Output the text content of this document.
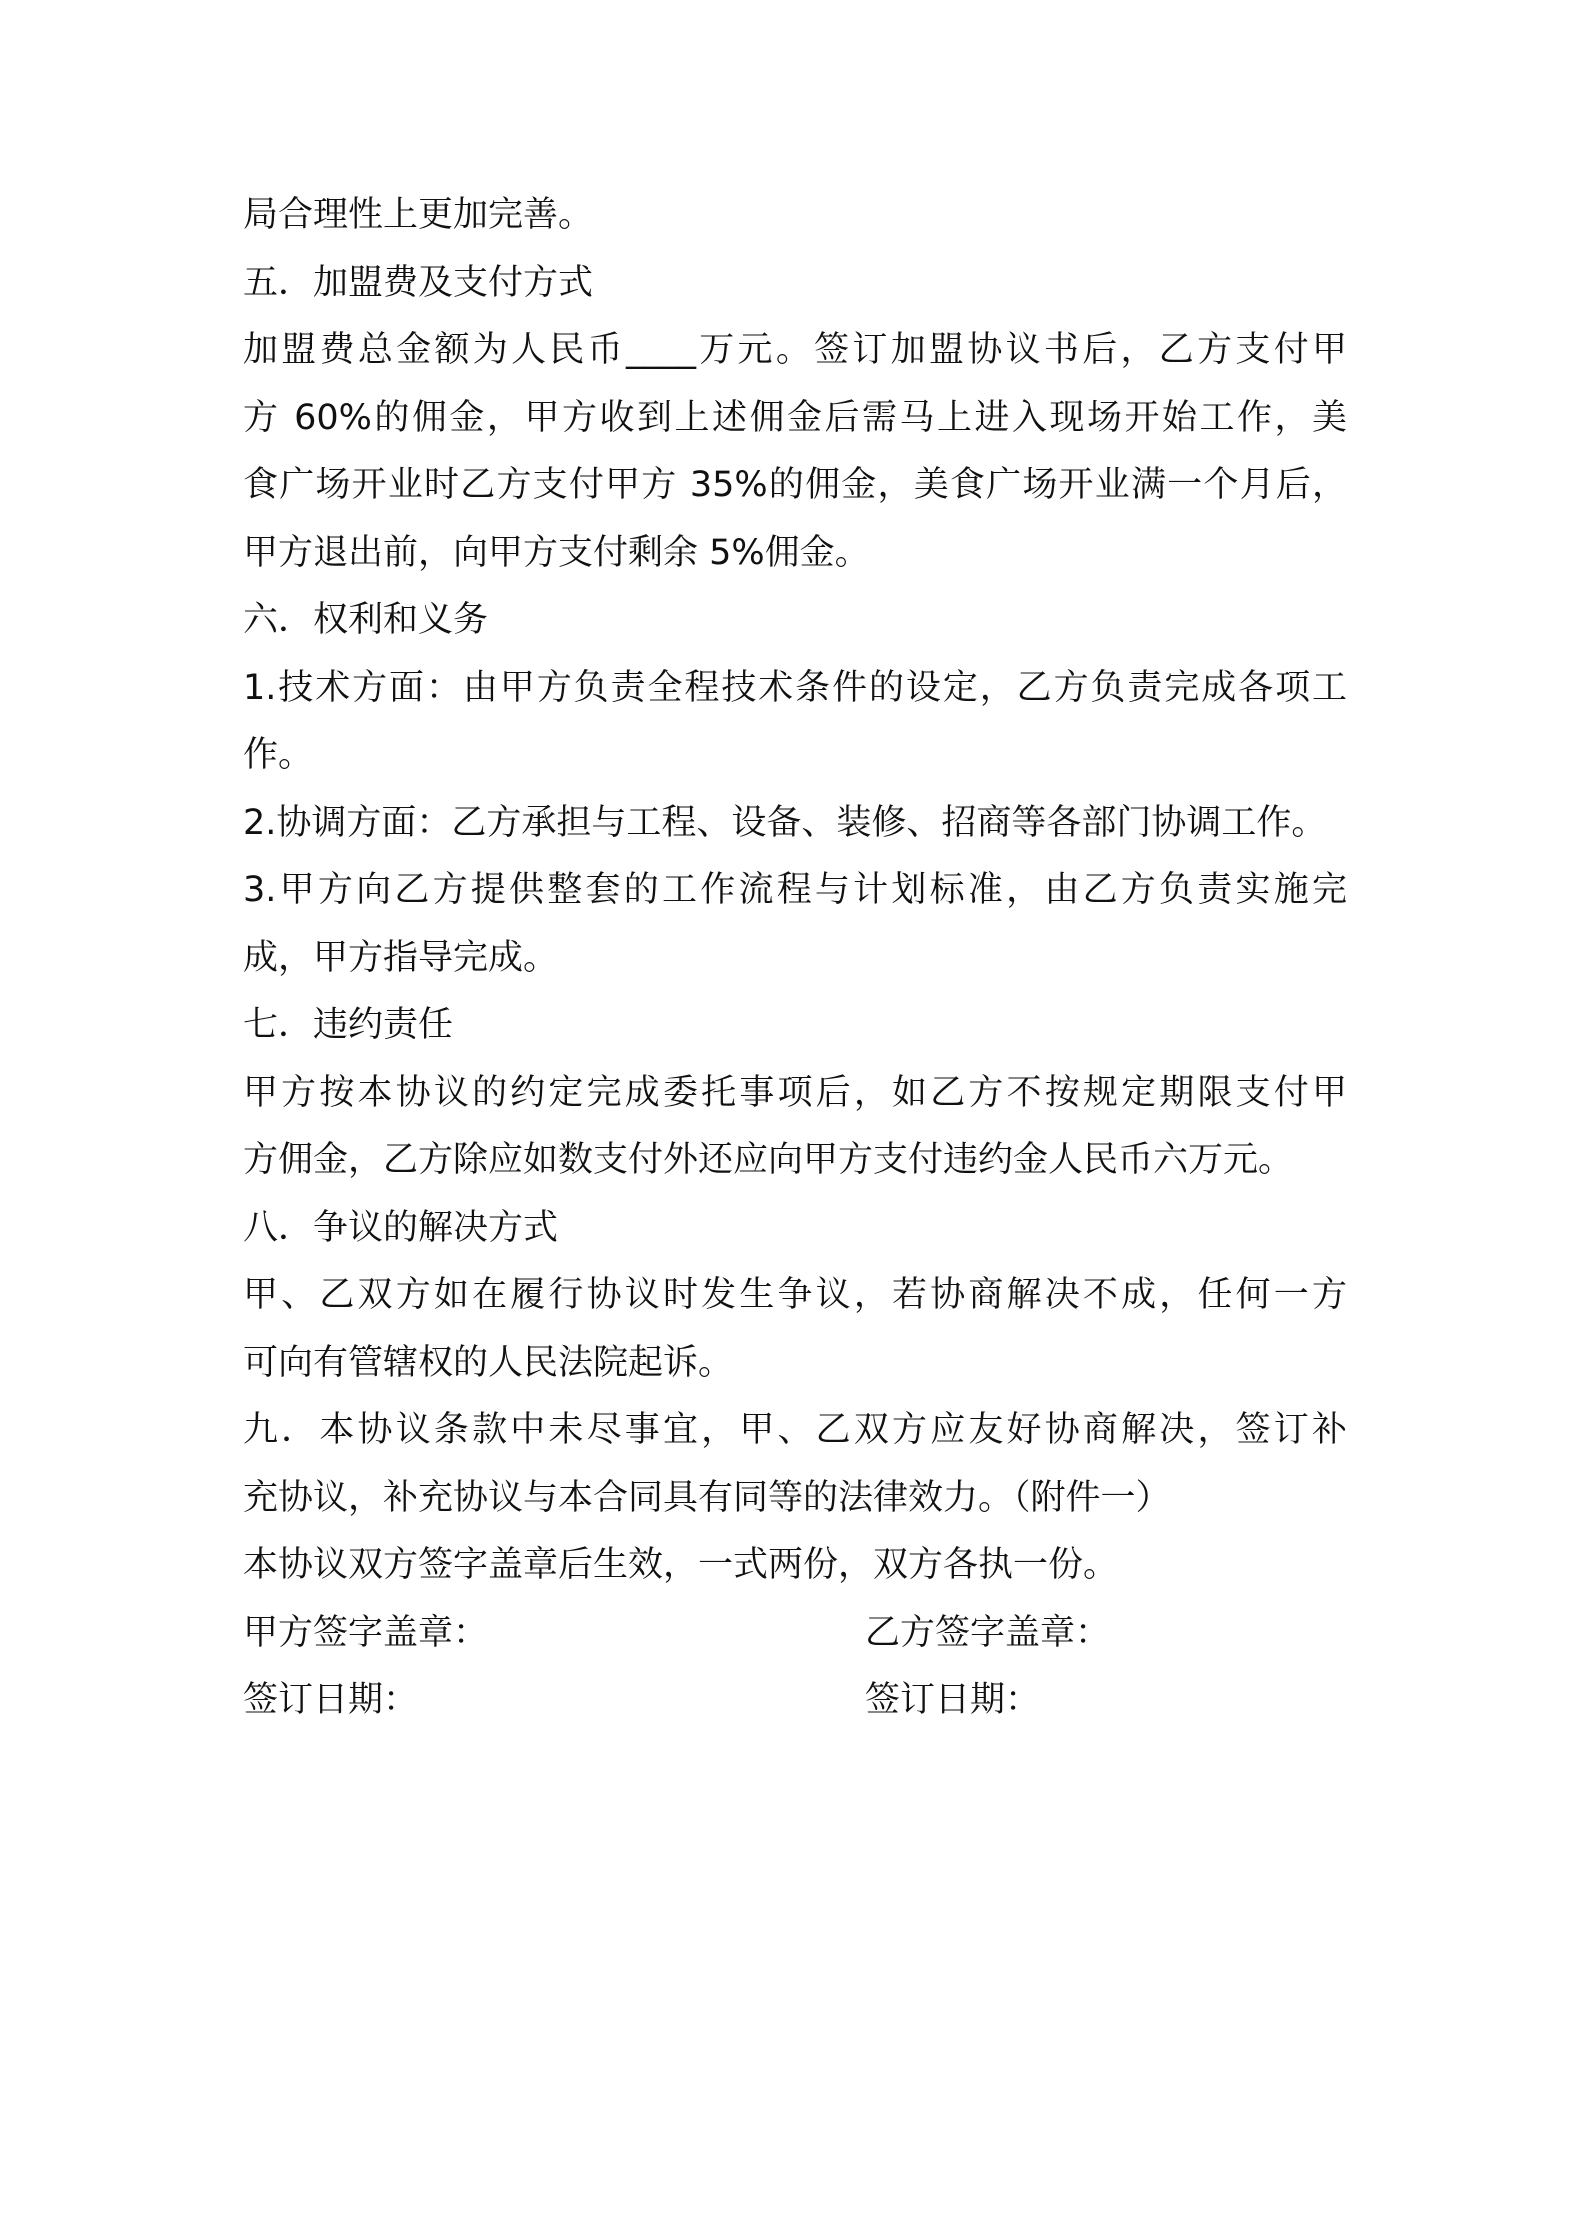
局合理性上更加完善。
五．加盟费及支付方式
加盟费总金额为人民币____万元。签订加盟协议书后，乙方支付甲
方 60%的佣金，甲方收到上述佣金后需马上进入现场开始工作，美
食广场开业时乙方支付甲方 35%的佣金，美食广场开业满一个月后，
甲方退出前，向甲方支付剩余 5%佣金。
六．权利和义务
1.技术方面：由甲方负责全程技术条件的设定，乙方负责完成各项工
作。
2.协调方面：乙方承担与工程、设备、装修、招商等各部门协调工作。
3.甲方向乙方提供整套的工作流程与计划标准，由乙方负责实施完
成，甲方指导完成。
七．违约责任
甲方按本协议的约定完成委托事项后，如乙方不按规定期限支付甲
方佣金，乙方除应如数支付外还应向甲方支付违约金人民币六万元。
八．争议的解决方式
甲、乙双方如在履行协议时发生争议，若协商解决不成，任何一方
可向有管辖权的人民法院起诉。
九．本协议条款中未尽事宜，甲、乙双方应友好协商解决，签订补
充协议，补充协议与本合同具有同等的法律效力。（附件一）
本协议双方签字盖章后生效，一式两份，双方各执一份。
甲方签字盖章：	乙方签字盖章：
签订日期：	签订日期：
